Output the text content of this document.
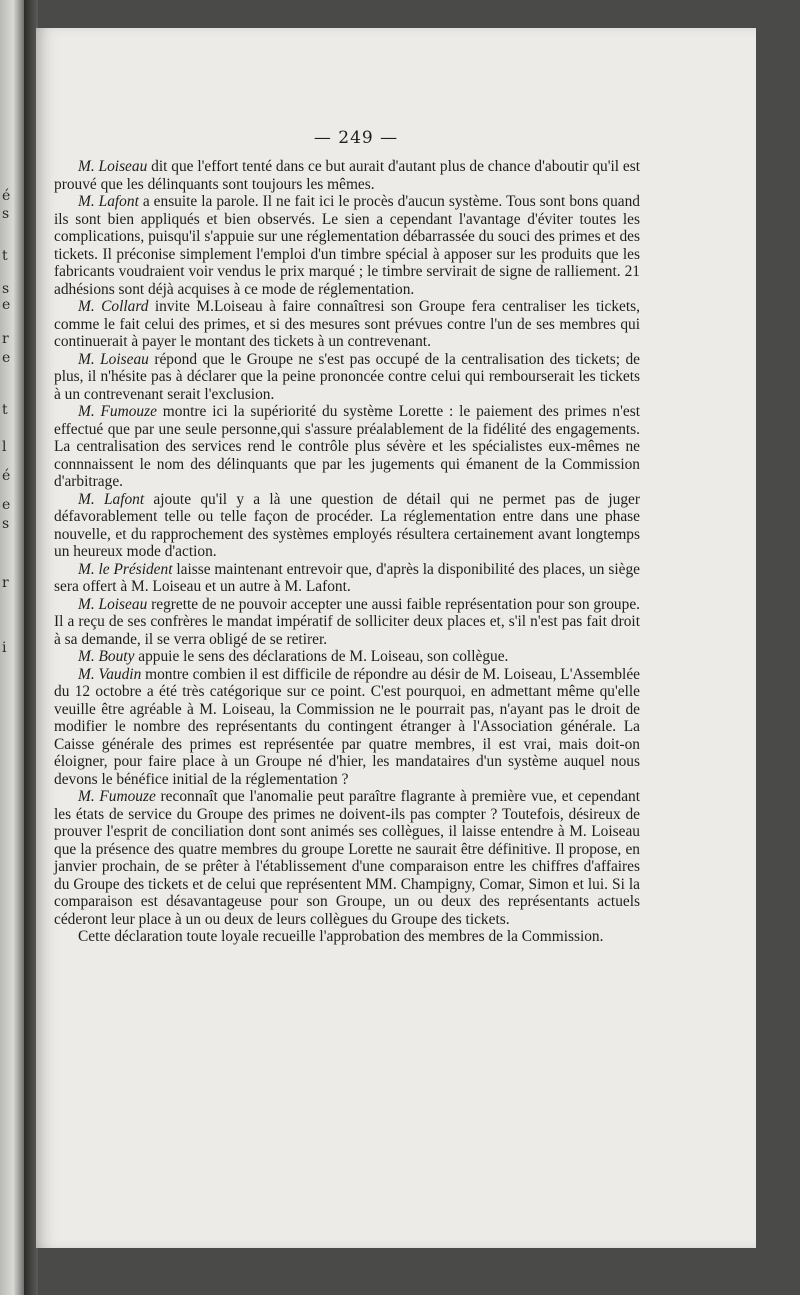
é
s
t
s
e
r
e
t
l
é
e
s
r
i
— 249 —

M. Loiseau dit que l'effort tenté dans ce but aurait d'autant plus de chance d'aboutir qu'il est prouvé que les délinquants sont toujours les mêmes.

M. Lafont a ensuite la parole. Il ne fait ici le procès d'aucun système. Tous sont bons quand ils sont bien appliqués et bien observés. Le sien a cependant l'avantage d'éviter toutes les complications, puisqu'il s'appuie sur une réglementation débarrassée du souci des primes et des tickets. Il préconise simplement l'emploi d'un timbre spécial à apposer sur les produits que les fabricants voudraient voir vendus le prix marqué ; le timbre servirait de signe de ralliement. 21 adhésions sont déjà acquises à ce mode de réglementation.

M. Collard invite M.Loiseau à faire connaîtresi son Groupe fera centraliser les tickets, comme le fait celui des primes, et si des mesures sont prévues contre l'un de ses membres qui continuerait à payer le montant des tickets à un contrevenant.

M. Loiseau répond que le Groupe ne s'est pas occupé de la centralisation des tickets; de plus, il n'hésite pas à déclarer que la peine prononcée contre celui qui rembourserait les tickets à un contrevenant serait l'exclusion.

M. Fumouze montre ici la supériorité du système Lorette : le paiement des primes n'est effectué que par une seule personne,qui s'assure préalablement de la fidélité des engagements. La centralisation des services rend le contrôle plus sévère et les spécialistes eux-mêmes ne connnaissent le nom des délinquants que par les jugements qui émanent de la Commission d'arbitrage.

M. Lafont ajoute qu'il y a là une question de détail qui ne permet pas de juger défavorablement telle ou telle façon de procéder. La réglementation entre dans une phase nouvelle, et du rapprochement des systèmes employés résultera certainement avant longtemps un heureux mode d'action.

M. le Président laisse maintenant entrevoir que, d'après la disponibilité des places, un siège sera offert à M. Loiseau et un autre à M. Lafont.

M. Loiseau regrette de ne pouvoir accepter une aussi faible représentation pour son groupe. Il a reçu de ses confrères le mandat impératif de solliciter deux places et, s'il n'est pas fait droit à sa demande, il se verra obligé de se retirer.

M. Bouty appuie le sens des déclarations de M. Loiseau, son collègue.

M. Vaudin montre combien il est difficile de répondre au désir de M. Loiseau, L'Assemblée du 12 octobre a été très catégorique sur ce point. C'est pourquoi, en admettant même qu'elle veuille être agréable à M. Loiseau, la Commission ne le pourrait pas, n'ayant pas le droit de modifier le nombre des représentants du contingent étranger à l'Association générale. La Caisse générale des primes est représentée par quatre membres, il est vrai, mais doit-on éloigner, pour faire place à un Groupe né d'hier, les mandataires d'un système auquel nous devons le bénéfice initial de la réglementation ?

M. Fumouze reconnaît que l'anomalie peut paraître flagrante à première vue, et cependant les états de service du Groupe des primes ne doivent-ils pas compter ? Toutefois, désireux de prouver l'esprit de conciliation dont sont animés ses collègues, il laisse entendre à M. Loiseau que la présence des quatre membres du groupe Lorette ne saurait être définitive. Il propose, en janvier prochain, de se prêter à l'établissement d'une comparaison entre les chiffres d'affaires du Groupe des tickets et de celui que représentent MM. Champigny, Comar, Simon et lui. Si la comparaison est désavantageuse pour son Groupe, un ou deux des représentants actuels céderont leur place à un ou deux de leurs collègues du Groupe des tickets.

Cette déclaration toute loyale recueille l'approbation des membres de la Commission.
